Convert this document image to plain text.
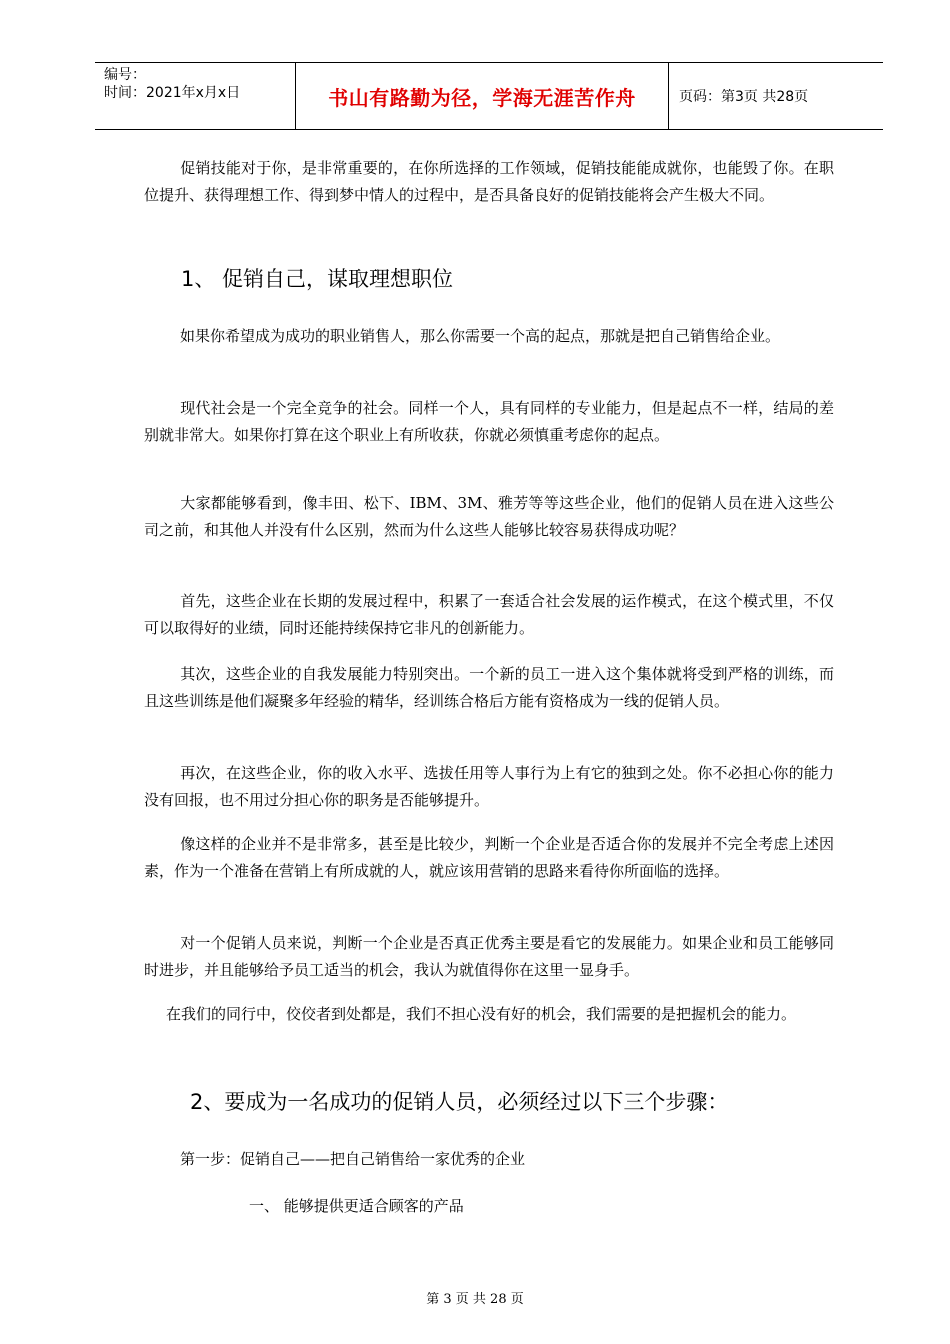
编号：
时间：2021年x月x日	书山有路勤为径，学海无涯苦作舟	页码：第3页 共28页

促销技能对于你，是非常重要的，在你所选择的工作领域，促销技能能成就你，也能毁了你。在职位提升、获得理想工作、得到梦中情人的过程中，是否具备良好的促销技能将会产生极大不同。

1、 促销自己，谋取理想职位

如果你希望成为成功的职业销售人，那么你需要一个高的起点，那就是把自己销售给企业。

现代社会是一个完全竞争的社会。同样一个人，具有同样的专业能力，但是起点不一样，结局的差别就非常大。如果你打算在这个职业上有所收获，你就必须慎重考虑你的起点。

大家都能够看到，像丰田、松下、IBM、3M、雅芳等等这些企业，他们的促销人员在进入这些公司之前，和其他人并没有什么区别，然而为什么这些人能够比较容易获得成功呢？

首先，这些企业在长期的发展过程中，积累了一套适合社会发展的运作模式，在这个模式里，不仅可以取得好的业绩，同时还能持续保持它非凡的创新能力。

其次，这些企业的自我发展能力特别突出。一个新的员工一进入这个集体就将受到严格的训练，而且这些训练是他们凝聚多年经验的精华，经训练合格后方能有资格成为一线的促销人员。

再次，在这些企业，你的收入水平、选拔任用等人事行为上有它的独到之处。你不必担心你的能力没有回报，也不用过分担心你的职务是否能够提升。

像这样的企业并不是非常多，甚至是比较少，判断一个企业是否适合你的发展并不完全考虑上述因素，作为一个准备在营销上有所成就的人，就应该用营销的思路来看待你所面临的选择。

对一个促销人员来说，判断一个企业是否真正优秀主要是看它的发展能力。如果企业和员工能够同时进步，并且能够给予员工适当的机会，我认为就值得你在这里一显身手。

在我们的同行中，佼佼者到处都是，我们不担心没有好的机会，我们需要的是把握机会的能力。

2、要成为一名成功的促销人员，必须经过以下三个步骤：

第一步：促销自己——把自己销售给一家优秀的企业

一、 能够提供更适合顾客的产品

第 3 页 共 28 页
